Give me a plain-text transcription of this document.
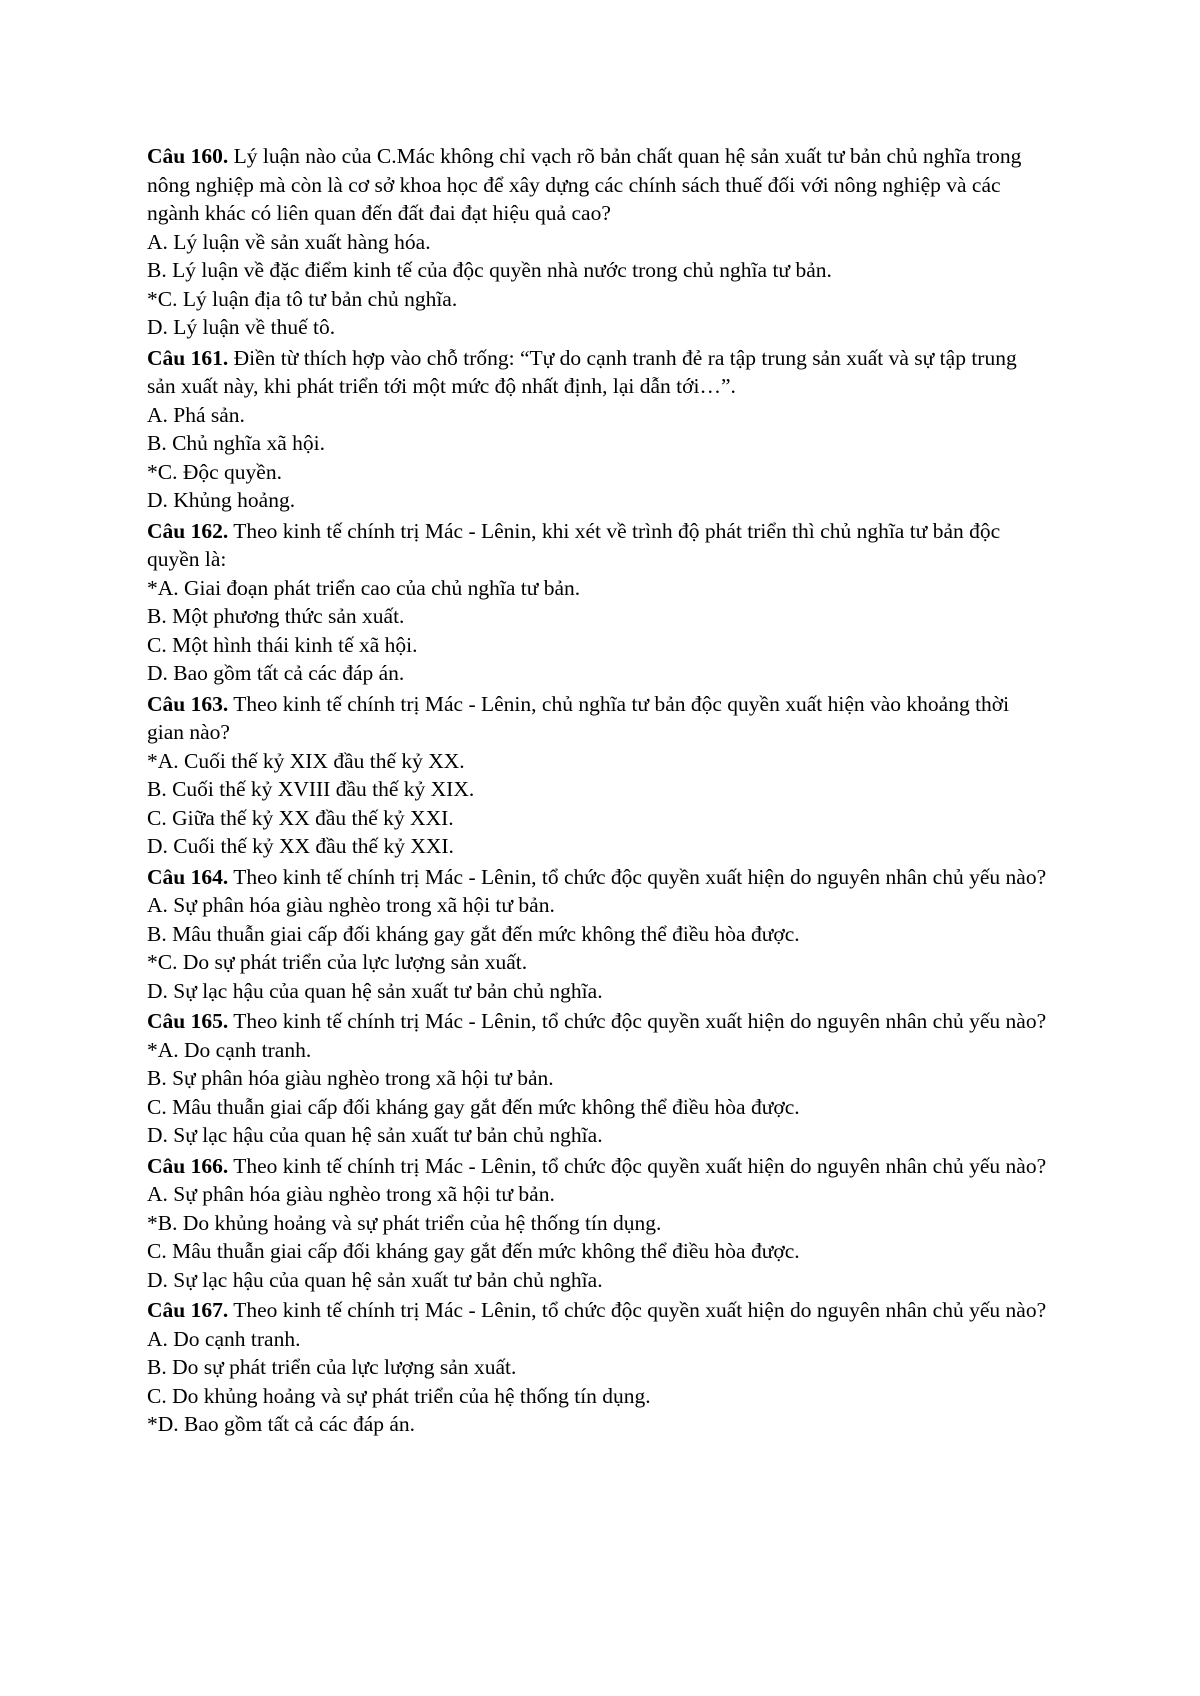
Câu 160. Lý luận nào của C.Mác không chỉ vạch rõ bản chất quan hệ sản xuất tư bản chủ nghĩa trong nông nghiệp mà còn là cơ sở khoa học để xây dựng các chính sách thuế đối với nông nghiệp và các ngành khác có liên quan đến đất đai đạt hiệu quả cao?

A. Lý luận về sản xuất hàng hóa.

B. Lý luận về đặc điểm kinh tế của độc quyền nhà nước trong chủ nghĩa tư bản.

*C. Lý luận địa tô tư bản chủ nghĩa.

D. Lý luận về thuế tô.

Câu 161. Điền từ thích hợp vào chỗ trống: “Tự do cạnh tranh đẻ ra tập trung sản xuất và sự tập trung sản xuất này, khi phát triển tới một mức độ nhất định, lại dẫn tới…”.

A. Phá sản.

B. Chủ nghĩa xã hội.

*C. Độc quyền.

D. Khủng hoảng.

Câu 162. Theo kinh tế chính trị Mác - Lênin, khi xét về trình độ phát triển thì chủ nghĩa tư bản độc quyền là:

*A. Giai đoạn phát triển cao của chủ nghĩa tư bản.

B. Một phương thức sản xuất.

C. Một hình thái kinh tế xã hội.

D. Bao gồm tất cả các đáp án.

Câu 163. Theo kinh tế chính trị Mác - Lênin, chủ nghĩa tư bản độc quyền xuất hiện vào khoảng thời gian nào?

*A. Cuối thế kỷ XIX đầu thế kỷ XX.

B. Cuối thế kỷ XVIII đầu thế kỷ XIX.

C. Giữa thế kỷ XX đầu thế kỷ XXI.

D. Cuối thế kỷ XX đầu thế kỷ XXI.

Câu 164. Theo kinh tế chính trị Mác - Lênin, tổ chức độc quyền xuất hiện do nguyên nhân chủ yếu nào?

A. Sự phân hóa giàu nghèo trong xã hội tư bản.

B. Mâu thuẫn giai cấp đối kháng gay gắt đến mức không thể điều hòa được.

*C. Do sự phát triển của lực lượng sản xuất.

D. Sự lạc hậu của quan hệ sản xuất tư bản chủ nghĩa.

Câu 165. Theo kinh tế chính trị Mác - Lênin, tổ chức độc quyền xuất hiện do nguyên nhân chủ yếu nào?

*A. Do cạnh tranh.

B. Sự phân hóa giàu nghèo trong xã hội tư bản.

C. Mâu thuẫn giai cấp đối kháng gay gắt đến mức không thể điều hòa được.

D. Sự lạc hậu của quan hệ sản xuất tư bản chủ nghĩa.

Câu 166. Theo kinh tế chính trị Mác - Lênin, tổ chức độc quyền xuất hiện do nguyên nhân chủ yếu nào?

A. Sự phân hóa giàu nghèo trong xã hội tư bản.

*B. Do khủng hoảng và sự phát triển của hệ thống tín dụng.

C. Mâu thuẫn giai cấp đối kháng gay gắt đến mức không thể điều hòa được.

D. Sự lạc hậu của quan hệ sản xuất tư bản chủ nghĩa.

Câu 167. Theo kinh tế chính trị Mác - Lênin, tổ chức độc quyền xuất hiện do nguyên nhân chủ yếu nào?

A. Do cạnh tranh.

B. Do sự phát triển của lực lượng sản xuất.

C. Do khủng hoảng và sự phát triển của hệ thống tín dụng.

*D. Bao gồm tất cả các đáp án.
